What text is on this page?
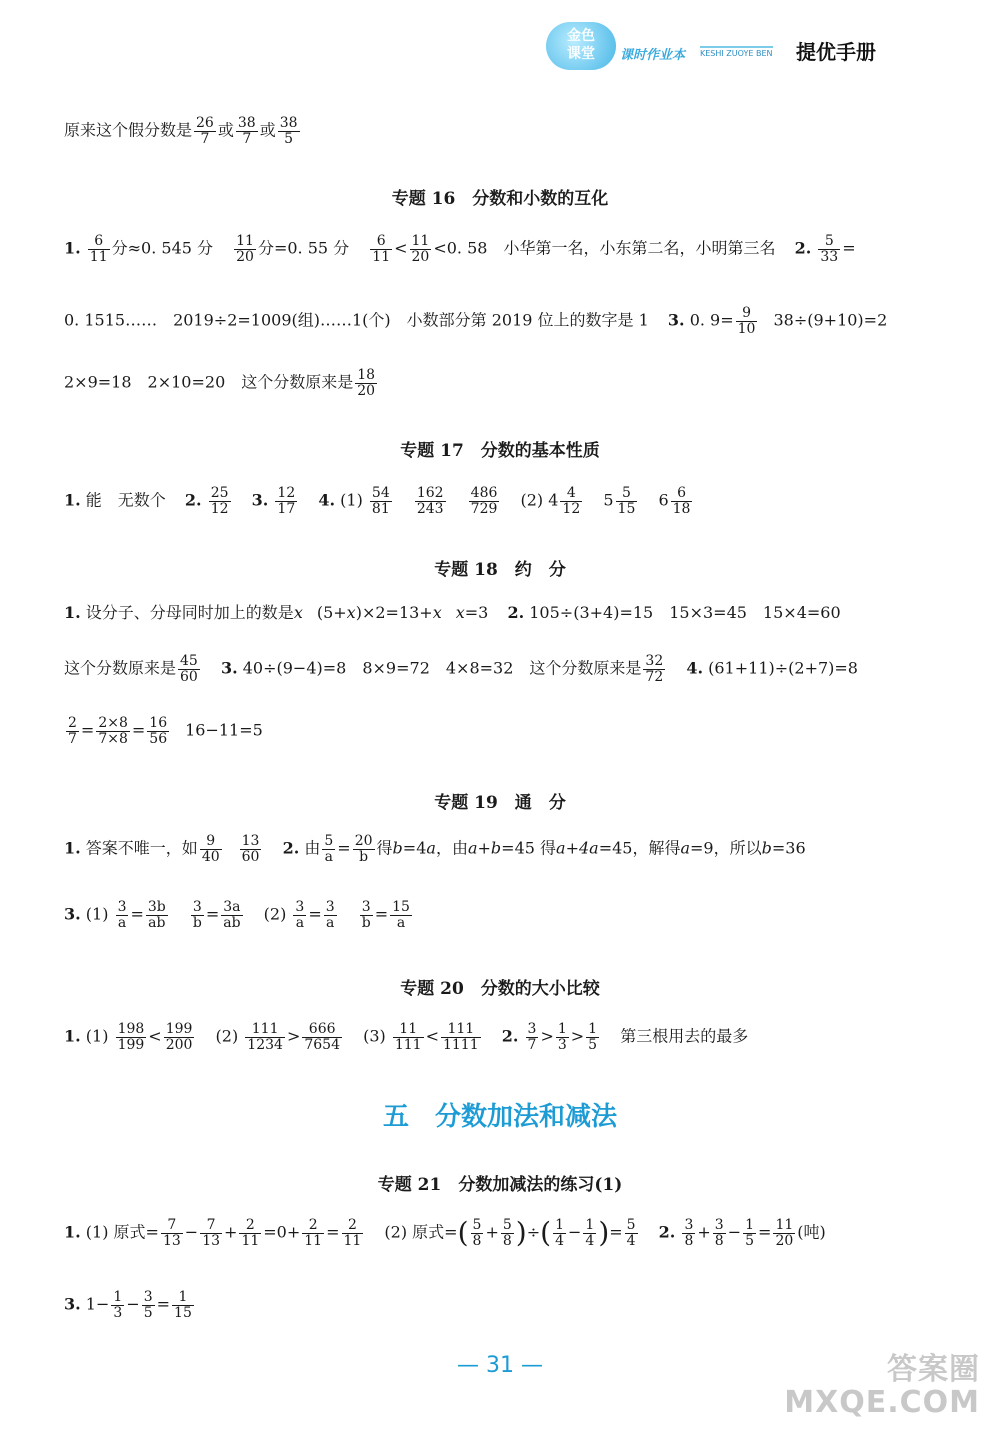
金色
课堂	课时作业本 KESHI ZUOYE BEN 提优手册
原来这个假分数是 $\frac{26}{7}$ 或 $\frac{38}{7}$ 或 $\frac{38}{5}$
专题 16　分数和小数的互化
1. $\frac{6}{11}$ 分≈0. 545 分 $\frac{11}{20}$ 分=0. 55 分 $\frac{6}{11} < \frac{11}{20} <0$. 58　小华第一名，小东第二名，小明第三名 2. $\frac{5}{33}$ =
0. 1515……　2019÷2=1009(组)……1(个)　小数部分第 2019 位上的数字是 1 3. 0. $9= \frac{9}{10} 38\div(9+10)=2$
2×9=18　2×10=20　这个分数原来是 $\frac{18}{20}$
专题 17　分数的基本性质
1. 能　无数个 2. $\frac{25}{12} 3$. $\frac{12}{17} 4$. $(1) \frac{54}{81}$
$\frac{162}{243}$
$\frac{486}{729} (2)$ $4 \frac{4}{12} 5 \frac{5}{15} 6 \frac{6}{18}$
专题 18　约　分
1. 设分子、分母同时加上的数是x (5+x)×2=13+x x=3 2. 105÷(3+4)=15　15×3=45　15×4=60
这个分数原来是 $\frac{45}{60} 3$. 40÷(9−4)=8　8×9=72　4×8=32　这个分数原来是 $\frac{32}{72} 4$. (61+11)÷(2+7)=8
$\frac{2}{7} = \frac{2\times 8}{7\times 8} = \frac{16}{56} 16-11=5$
专题 19　通　分
1. 答案不唯一，如 $\frac{9}{40} \frac{13}{60} 2$. 由 $\frac{5}{a} = \frac{20}{b}$ 得b=4a，由a+b=45 得a+4a=45，解得a=9，所以b=36
3. $(1) \frac{3}{a} = \frac{3b}{ab}$
$\frac{3}{b} = \frac{3a}{ab} (2) \frac{3}{a} = \frac{3}{a}$
$\frac{3}{b} = \frac{15}{a}$
专题 20　分数的大小比较
1. $(1) \frac{198}{199} < \frac{199}{200} (2) \frac{111}{1234} > \frac{666}{7654} (3) \frac{11}{111} < \frac{111}{1111} 2$. $\frac{3}{7} > \frac{1}{3} > \frac{1}{5}$ 第三根用去的最多
五　分数加法和减法
专题 21　分数加减法的练习(1)
1. (1) 原式= $\frac{7}{13} - \frac{7}{13} + \frac{2}{11} =0+ \frac{2}{11} = \frac{2}{11} (2)$ 原式=( $\frac{5}{8} + \frac{5}{8}$ )÷( $\frac{1}{4} - \frac{1}{4}$ )= $\frac{5}{4} 2$. $\frac{3}{8} + \frac{3}{8} - \frac{1}{5} = \frac{11}{20}$ (吨)
3. $1- \frac{1}{3} - \frac{3}{5} = \frac{1}{15}$
— 31 —	答案圈
MXQE.COM
